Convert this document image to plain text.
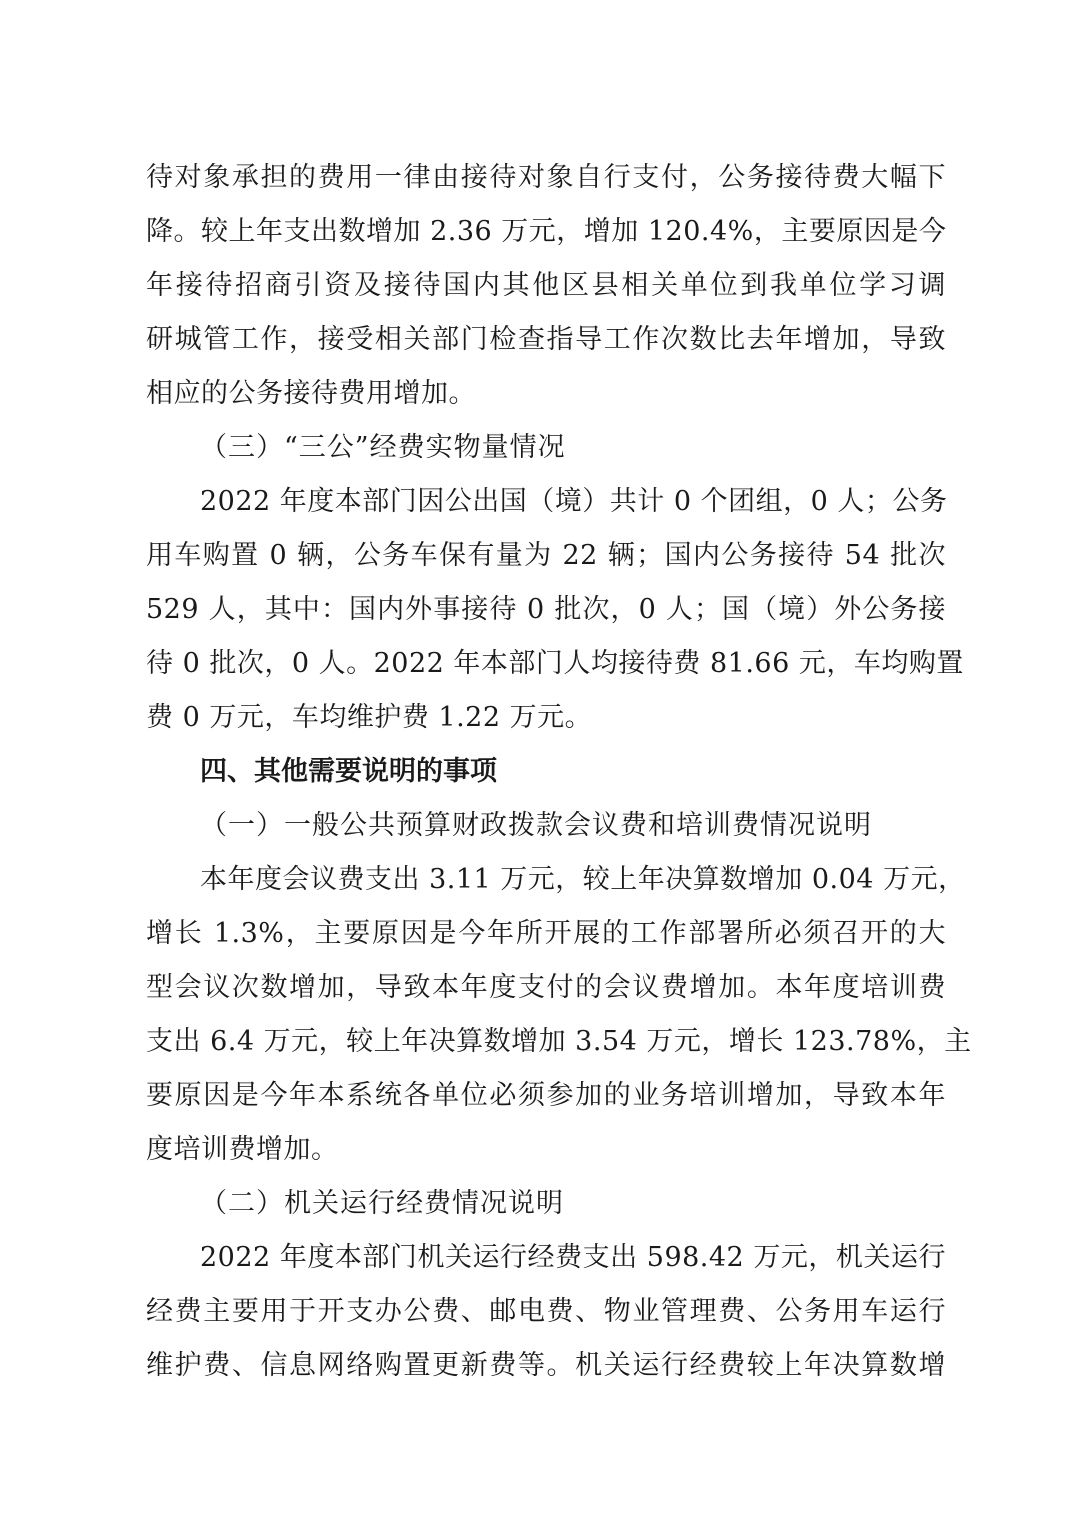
待对象承担的费用一律由接待对象自行支付，公务接待费大幅下
降。较上年支出数增加 2.36 万元，增加 120.4%，主要原因是今
年接待招商引资及接待国内其他区县相关单位到我单位学习调
研城管工作，接受相关部门检查指导工作次数比去年增加，导致
相应的公务接待费用增加。
（三）“三公”经费实物量情况
2022 年度本部门因公出国（境）共计 0 个团组，0 人；公务
用车购置 0 辆，公务车保有量为 22 辆；国内公务接待 54 批次
529 人，其中：国内外事接待 0 批次，0 人；国（境）外公务接
待 0 批次，0 人。2022 年本部门人均接待费 81.66 元，车均购置
费 0 万元，车均维护费 1.22 万元。
四、其他需要说明的事项
（一）一般公共预算财政拨款会议费和培训费情况说明
本年度会议费支出 3.11 万元，较上年决算数增加 0.04 万元，
增长 1.3%，主要原因是今年所开展的工作部署所必须召开的大
型会议次数增加，导致本年度支付的会议费增加。本年度培训费
支出 6.4 万元，较上年决算数增加 3.54 万元，增长 123.78%，主
要原因是今年本系统各单位必须参加的业务培训增加，导致本年
度培训费增加。
（二）机关运行经费情况说明
2022 年度本部门机关运行经费支出 598.42 万元，机关运行
经费主要用于开支办公费、邮电费、物业管理费、公务用车运行
维护费、信息网络购置更新费等。机关运行经费较上年决算数增
